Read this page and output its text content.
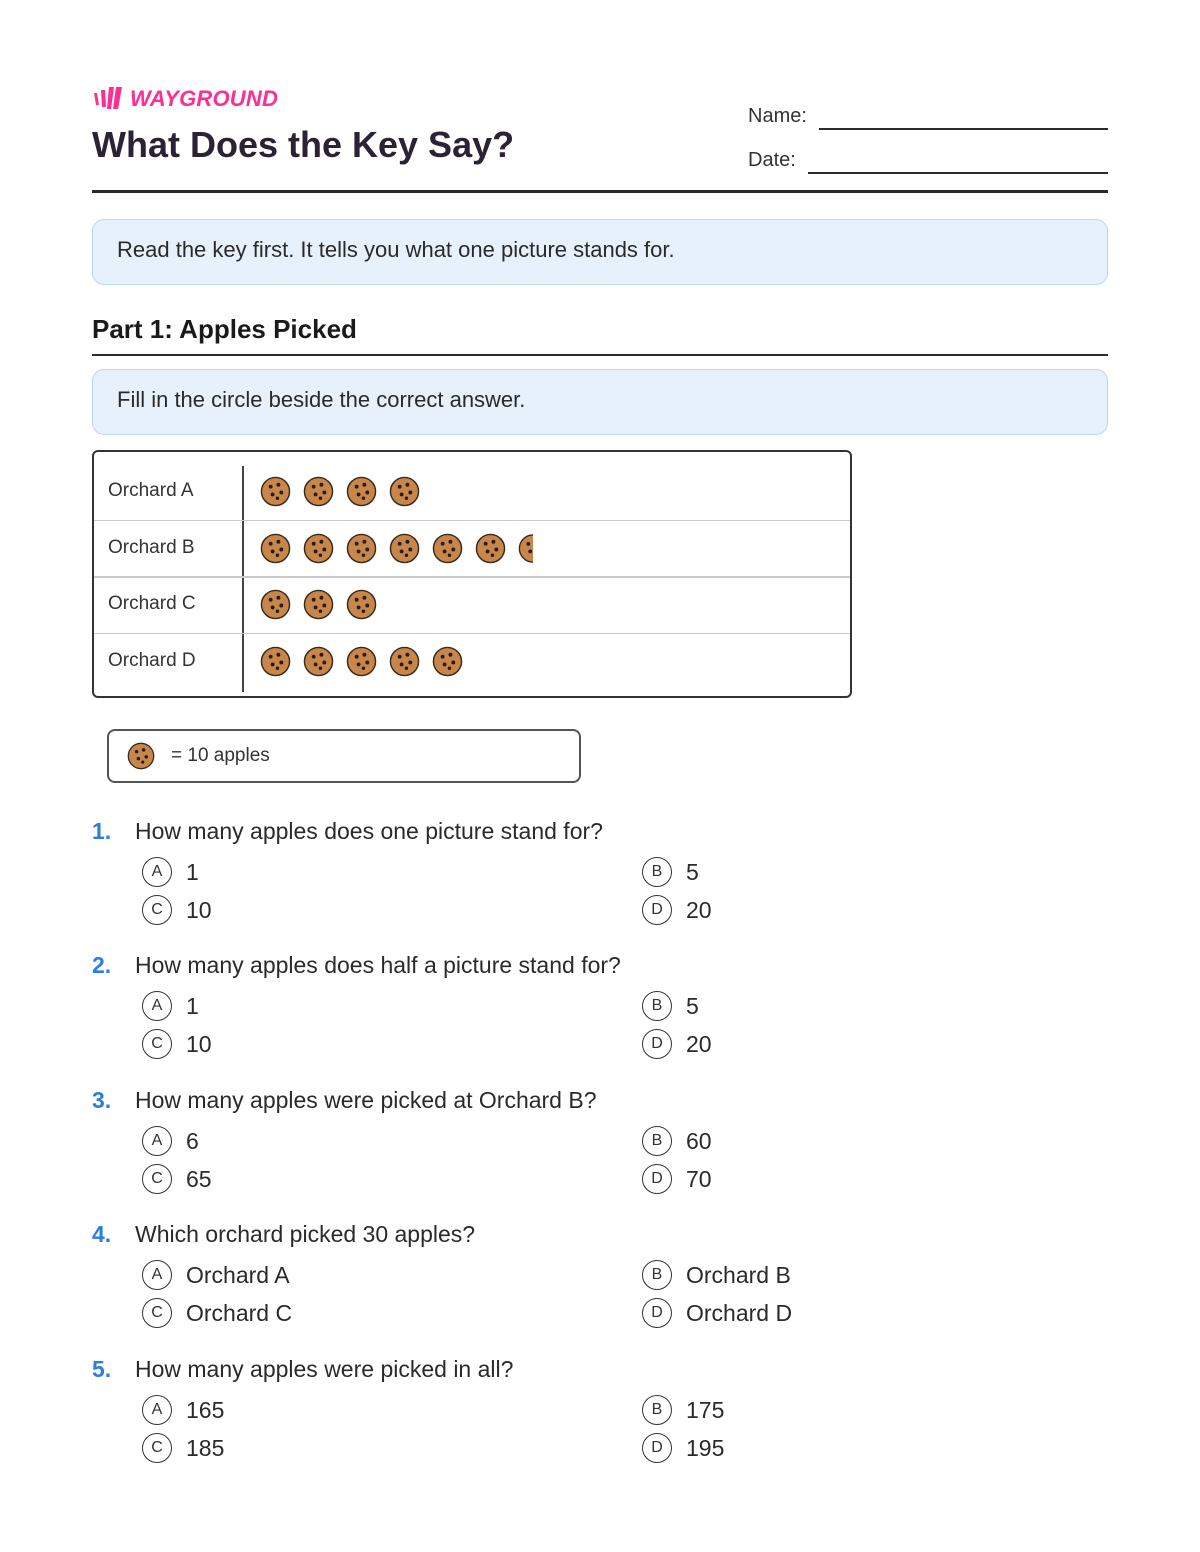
WAYGROUND
What Does the Key Say?
Name:
Date:
Read the key first. It tells you what one picture stands for.
Part 1: Apples Picked
Fill in the circle beside the correct answer.
Orchard A
Orchard B
Orchard C
Orchard D
= 10 apples
1. How many apples does one picture stand for?
A	1	B	5
C	10	D	20
2. How many apples does half a picture stand for?
A	1	B	5
C	10	D	20
3. How many apples were picked at Orchard B?
A	6	B	60
C	65	D	70
4. Which orchard picked 30 apples?
A	Orchard A	B	Orchard B
C	Orchard C	D	Orchard D
5. How many apples were picked in all?
A	165	B	175
C	185	D	195
